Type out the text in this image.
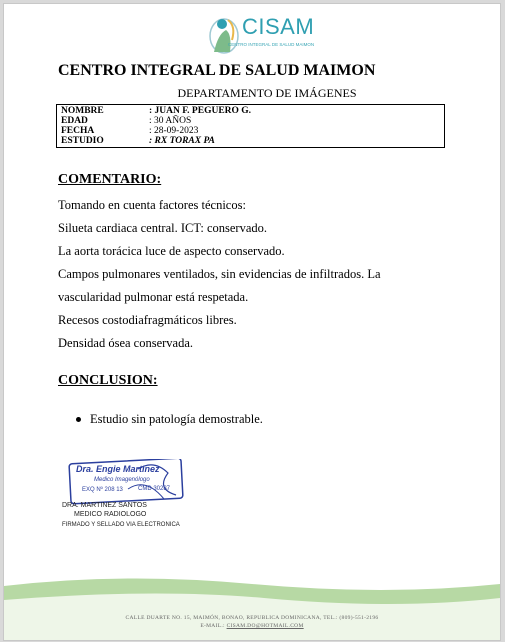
CISAM
CENTRO INTEGRAL DE SALUD MAIMON
CENTRO INTEGRAL DE SALUD MAIMON
DEPARTAMENTO DE IMÁGENES
NOMBRE	: JUAN F. PEGUERO G.
EDAD	: 30 AÑOS
FECHA	: 28-09-2023
ESTUDIO	: RX TORAX PA
COMENTARIO:

Tomando en cuenta factores técnicos:

Silueta cardiaca central. ICT: conservado.

La aorta torácica luce de aspecto conservado.

Campos pulmonares ventilados, sin evidencias de infiltrados. La

vascularidad pulmonar está respetada.

Recesos costodiafragmáticos libres.

Densidad ósea conservada.

CONCLUSION:
Estudio sin patología demostrable.
Dra. Engie Martinez
Medico Imagenólogo
EXQ Nº 208 13	CMD 30287
DRA. MARTINEZ SANTOS
MEDICO RADIOLOGO
FIRMADO Y SELLADO VIA ELECTRONICA
CALLE DUARTE NO. 15, MAIMÓN, BONAO, REPUBLICA DOMINICANA, TEL.: (809)-551-2196
E-MAIL.: CISAM.DO@HOTMAIL.COM
